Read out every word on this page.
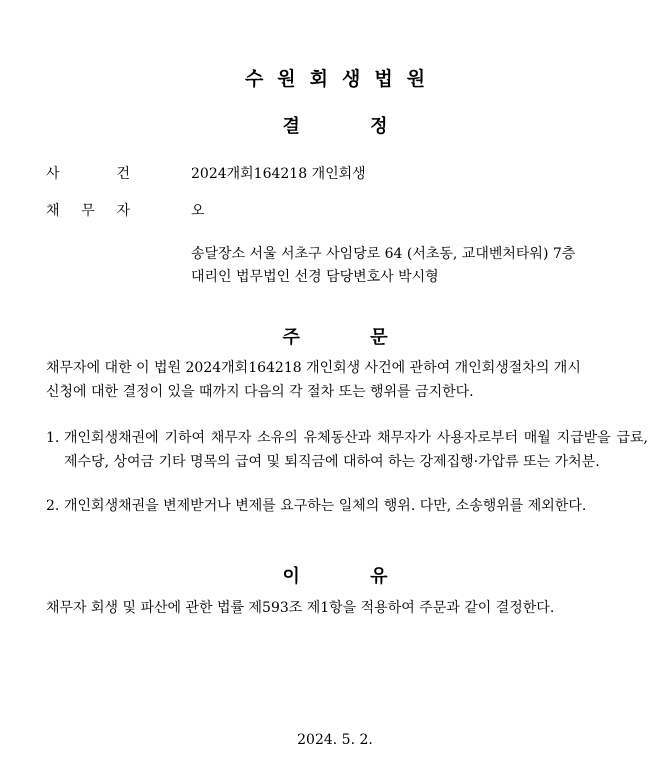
수원회생법원
결	정
사	건	2024개회164218 개인회생
채 무 자	오
송달장소 서울 서초구 사임당로 64 (서초동, 교대벤처타워) 7층
대리인 법무법인 선경 담당변호사 박시형
주	문
채무자에 대한 이 법원 2024개회164218 개인회생 사건에 관하여 개인회생절차의 개시
신청에 대한 결정이 있을 때까지 다음의 각 절차 또는 행위를 금지한다.
1. 개인회생채권에 기하여 채무자 소유의 유체동산과 채무자가 사용자로부터 매월 지급받을 급료, 제수당, 상여금 기타 명목의 급여 및 퇴직금에 대하여 하는 강제집행·가압류 또는 가처분.
2. 개인회생채권을 변제받거나 변제를 요구하는 일체의 행위. 다만, 소송행위를 제외한다.
이	유
채무자 회생 및 파산에 관한 법률 제593조 제1항을 적용하여 주문과 같이 결정한다.
2024. 5. 2.
